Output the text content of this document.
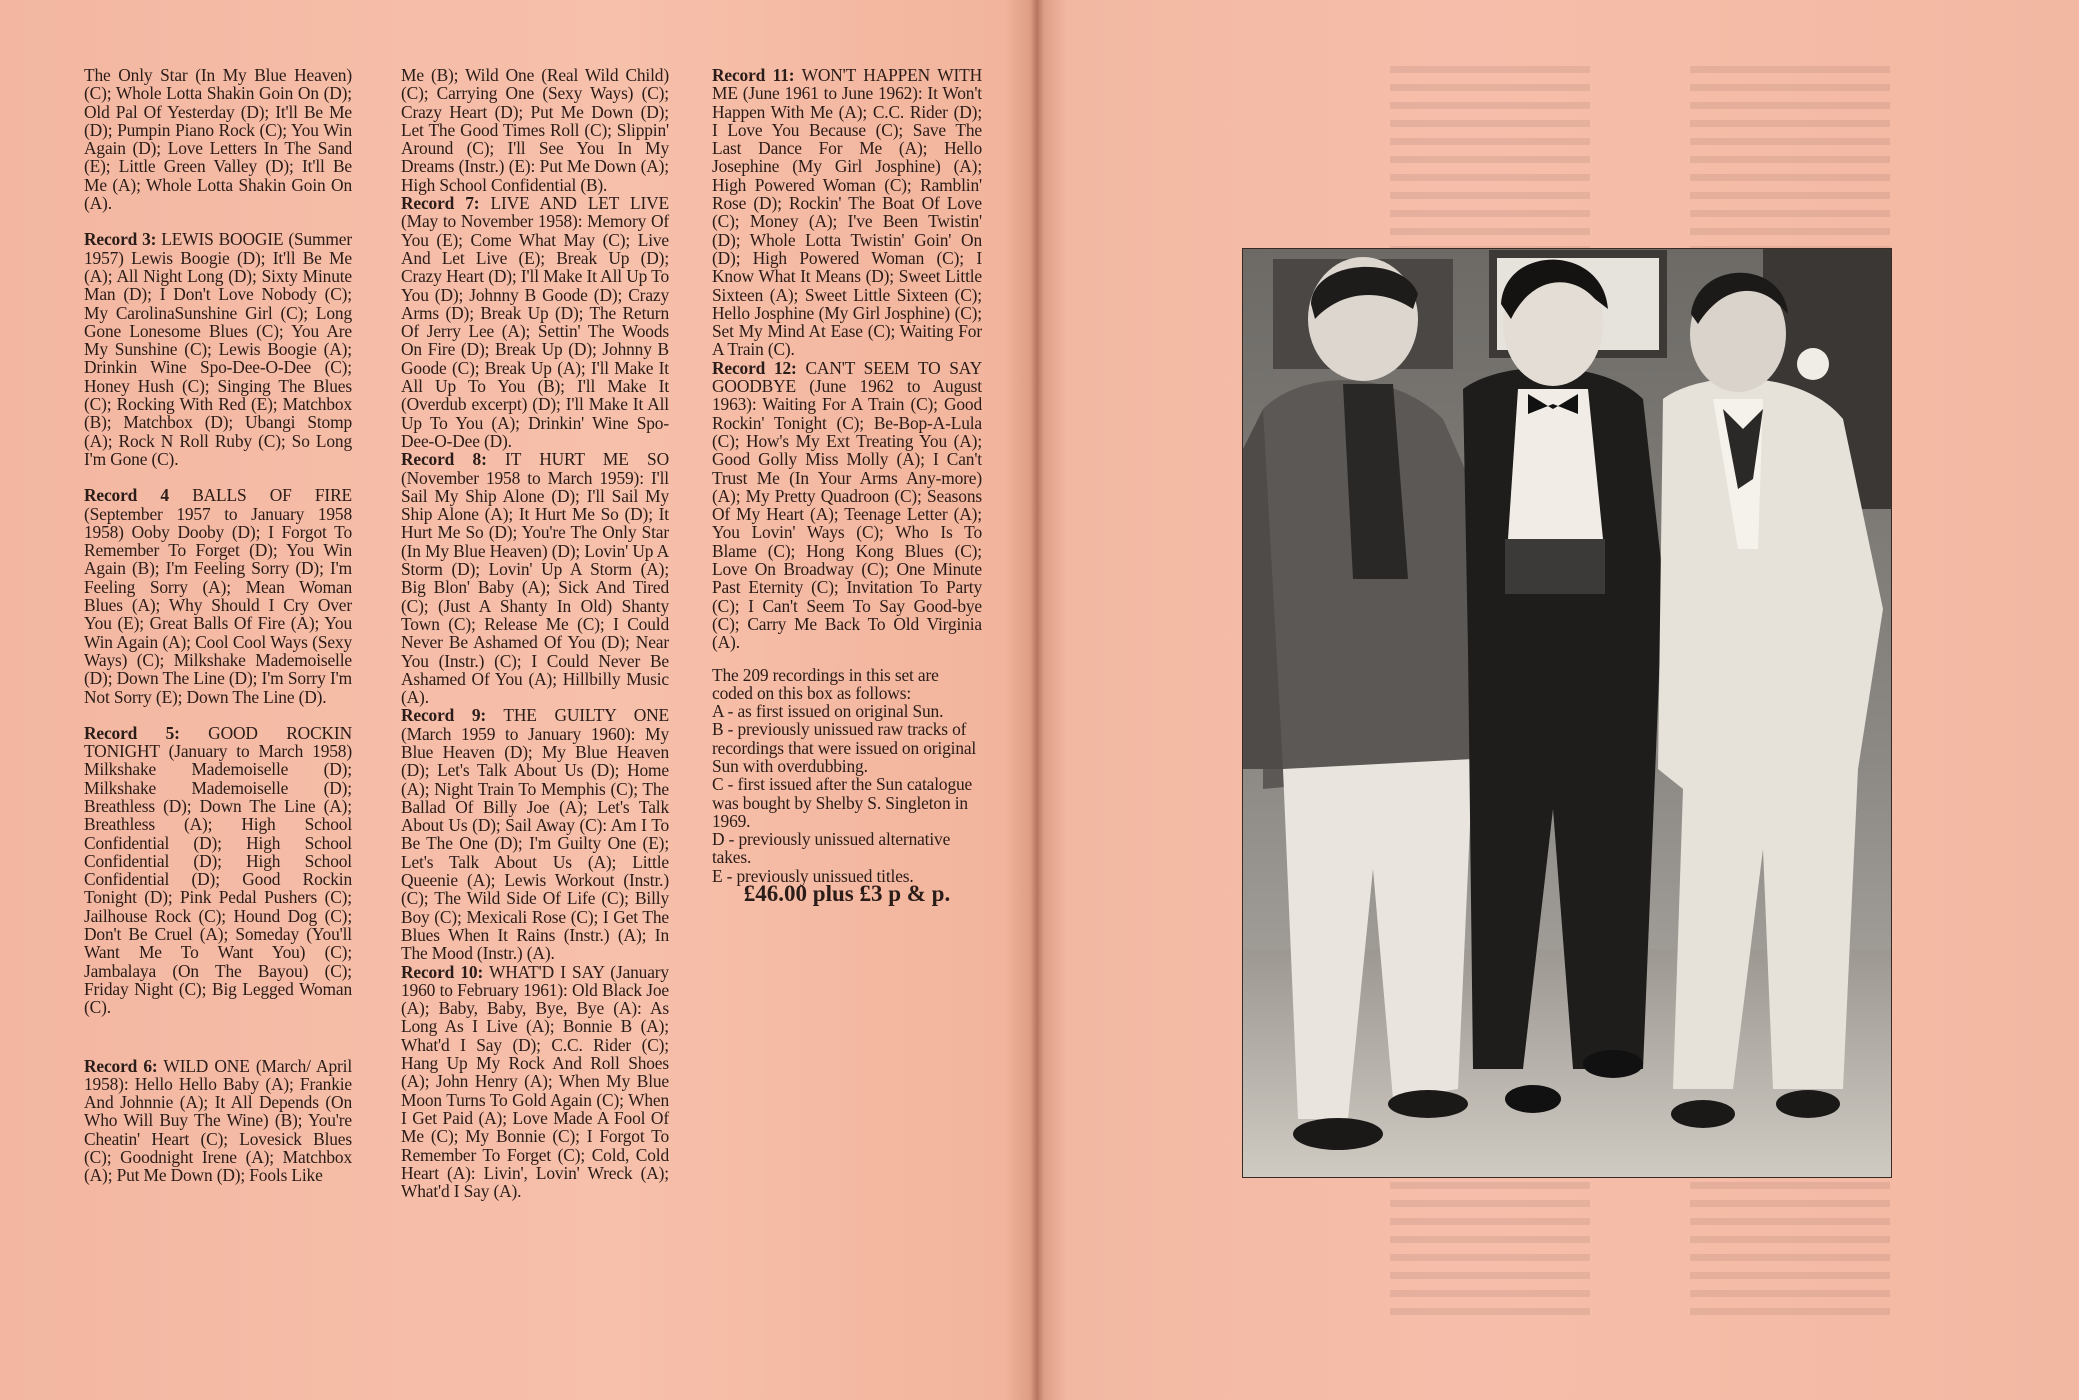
The Only Star (In My Blue Heaven) (C); Whole Lotta Shakin Goin On (D); Old Pal Of Yesterday (D); It'll Be Me (D); Pumpin Piano Rock (C); You Win Again (D); Love Letters In The Sand (E); Little Green Valley (D); It'll Be Me (A); Whole Lotta Shakin Goin On (A).

Record 3: LEWIS BOOGIE (Summer 1957) Lewis Boogie (D); It'll Be Me (A); All Night Long (D); Sixty Minute Man (D); I Don't Love Nobody (C); My CarolinaSunshine Girl (C); Long Gone Lonesome Blues (C); You Are My Sunshine (C); Lewis Boogie (A); Drinkin Wine Spo-Dee-O-Dee (C); Honey Hush (C); Singing The Blues (C); Rocking With Red (E); Matchbox (B); Matchbox (D); Ubangi Stomp (A); Rock N Roll Ruby (C); So Long I'm Gone (C).

Record 4 BALLS OF FIRE (September 1957 to January 1958 1958) Ooby Dooby (D); I Forgot To Remember To Forget (D); You Win Again (B); I'm Feeling Sorry (D); I'm Feeling Sorry (A); Mean Woman Blues (A); Why Should I Cry Over You (E); Great Balls Of Fire (A); You Win Again (A); Cool Cool Ways (Sexy Ways) (C); Milkshake Mademoiselle (D); Down The Line (D); I'm Sorry I'm Not Sorry (E); Down The Line (D).

Record 5: GOOD ROCKIN TONIGHT (January to March 1958) Milkshake Mademoiselle (D); Milkshake Mademoiselle (D); Breathless (D); Down The Line (A); Breathless (A); High School Confidential (D); High School Confidential (D); High School Confidential (D); Good Rockin Tonight (D); Pink Pedal Pushers (C); Jailhouse Rock (C); Hound Dog (C); Don't Be Cruel (A); Someday (You'll Want Me To Want You) (C); Jambalaya (On The Bayou) (C); Friday Night (C); Big Legged Woman (C).

Record 6: WILD ONE (March/ April 1958): Hello Hello Baby (A); Frankie And Johnnie (A); It All Depends (On Who Will Buy The Wine) (B); You're Cheatin' Heart (C); Lovesick Blues (C); Goodnight Irene (A); Matchbox (A); Put Me Down (D); Fools Like

Me (B); Wild One (Real Wild Child) (C); Carrying One (Sexy Ways) (C); Crazy Heart (D); Put Me Down (D); Let The Good Times Roll (C); Slippin' Around (C); I'll See You In My Dreams (Instr.) (E): Put Me Down (A); High School Confidential (B).

Record 7: LIVE AND LET LIVE (May to November 1958): Memory Of You (E); Come What May (C); Live And Let Live (E); Break Up (D); Crazy Heart (D); I'll Make It All Up To You (D); Johnny B Goode (D); Crazy Arms (D); Break Up (D); The Return Of Jerry Lee (A); Settin' The Woods On Fire (D); Break Up (D); Johnny B Goode (C); Break Up (A); I'll Make It All Up To You (B); I'll Make It (Overdub excerpt) (D); I'll Make It All Up To You (A); Drinkin' Wine Spo-Dee-O-Dee (D).

Record 8: IT HURT ME SO (November 1958 to March 1959): I'll Sail My Ship Alone (D); I'll Sail My Ship Alone (A); It Hurt Me So (D); It Hurt Me So (D); You're The Only Star (In My Blue Heaven) (D); Lovin' Up A Storm (D); Lovin' Up A Storm (A); Big Blon' Baby (A); Sick And Tired (C); (Just A Shanty In Old) Shanty Town (C); Release Me (C); I Could Never Be Ashamed Of You (D); Near You (Instr.) (C); I Could Never Be Ashamed Of You (A); Hillbilly Music (A).

Record 9: THE GUILTY ONE (March 1959 to January 1960): My Blue Heaven (D); My Blue Heaven (D); Let's Talk About Us (D); Home (A); Night Train To Memphis (C); The Ballad Of Billy Joe (A); Let's Talk About Us (D); Sail Away (C): Am I To Be The One (D); I'm Guilty One (E); Let's Talk About Us (A); Little Queenie (A); Lewis Workout (Instr.) (C); The Wild Side Of Life (C); Billy Boy (C); Mexicali Rose (C); I Get The Blues When It Rains (Instr.) (A); In The Mood (Instr.) (A).

Record 10: WHAT'D I SAY (January 1960 to February 1961): Old Black Joe (A); Baby, Baby, Bye, Bye (A): As Long As I Live (A); Bonnie B (A); What'd I Say (D); C.C. Rider (C); Hang Up My Rock And Roll Shoes (A); John Henry (A); When My Blue Moon Turns To Gold Again (C); When I Get Paid (A); Love Made A Fool Of Me (C); My Bonnie (C); I Forgot To Remember To Forget (C); Cold, Cold Heart (A): Livin', Lovin' Wreck (A); What'd I Say (A).

Record 11: WON'T HAPPEN WITH ME (June 1961 to June 1962): It Won't Happen With Me (A); C.C. Rider (D); I Love You Because (C); Save The Last Dance For Me (A); Hello Josephine (My Girl Josphine) (A); High Powered Woman (C); Ramblin' Rose (D); Rockin' The Boat Of Love (C); Money (A); I've Been Twistin' (D); Whole Lotta Twistin' Goin' On (D); High Powered Woman (C); I Know What It Means (D); Sweet Little Sixteen (A); Sweet Little Sixteen (C); Hello Josphine (My Girl Josphine) (C); Set My Mind At Ease (C); Waiting For A Train (C).

Record 12: CAN'T SEEM TO SAY GOODBYE (June 1962 to August 1963): Waiting For A Train (C); Good Rockin' Tonight (C); Be-Bop-A-Lula (C); How's My Ext Treating You (A); Good Golly Miss Molly (A); I Can't Trust Me (In Your Arms Any-more) (A); My Pretty Quadroon (C); Seasons Of My Heart (A); Teenage Letter (A); You Lovin' Ways (C); Who Is To Blame (C); Hong Kong Blues (C); Love On Broadway (C); One Minute Past Eternity (C); Invitation To Party (C); I Can't Seem To Say Good-bye (C); Carry Me Back To Old Virginia (A).

The 209 recordings in this set are coded on this box as follows:
A - as first issued on original Sun.
B - previously unissued raw tracks of recordings that were issued on original Sun with overdubbing.
C - first issued after the Sun catalogue was bought by Shelby S. Singleton in 1969.
D - previously unissued alternative takes.
E - previously unissued titles.

£46.00 plus £3 p & p.
